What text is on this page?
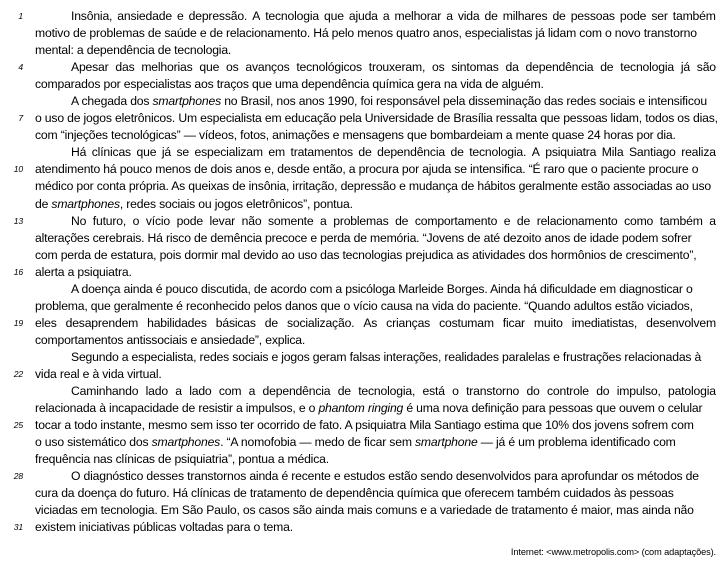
1	Insônia, ansiedade e depressão. A tecnologia que ajuda a melhorar a vida de milhares de pessoas pode ser também
motivo de problemas de saúde e de relacionamento. Há pelo menos quatro anos, especialistas já lidam com o novo transtorno
mental: a dependência de tecnologia.
4	Apesar das melhorias que os avanços tecnológicos trouxeram, os sintomas da dependência de tecnologia já são
comparados por especialistas aos traços que uma dependência química gera na vida de alguém.
A chegada dos smartphones no Brasil, nos anos 1990, foi responsável pela disseminação das redes sociais e intensificou
7 o uso de jogos eletrônicos. Um especialista em educação pela Universidade de Brasília ressalta que pessoas lidam, todos os dias,
com “injeções tecnológicas” — vídeos, fotos, animações e mensagens que bombardeiam a mente quase 24 horas por dia.
Há clínicas que já se especializam em tratamentos de dependência de tecnologia. A psiquiatra Mila Santiago realiza
10 atendimento há pouco menos de dois anos e, desde então, a procura por ajuda se intensifica. “É raro que o paciente procure o
médico por conta própria. As queixas de insônia, irritação, depressão e mudança de hábitos geralmente estão associadas ao uso
de smartphones, redes sociais ou jogos eletrônicos”, pontua.
13	No futuro, o vício pode levar não somente a problemas de comportamento e de relacionamento como também a
alterações cerebrais. Há risco de demência precoce e perda de memória. “Jovens de até dezoito anos de idade podem sofrer
com perda de estatura, pois dormir mal devido ao uso das tecnologias prejudica as atividades dos hormônios de crescimento”,
16 alerta a psiquiatra.
A doença ainda é pouco discutida, de acordo com a psicóloga Marleide Borges. Ainda há dificuldade em diagnosticar o
problema, que geralmente é reconhecido pelos danos que o vício causa na vida do paciente. “Quando adultos estão viciados,
19 eles desaprendem habilidades básicas de socialização. As crianças costumam ficar muito imediatistas, desenvolvem
comportamentos antissociais e ansiedade”, explica.
Segundo a especialista, redes sociais e jogos geram falsas interações, realidades paralelas e frustrações relacionadas à
22 vida real e à vida virtual.
Caminhando lado a lado com a dependência de tecnologia, está o transtorno do controle do impulso, patologia
relacionada à incapacidade de resistir a impulsos, e o phantom ringing é uma nova definição para pessoas que ouvem o celular
25 tocar a todo instante, mesmo sem isso ter ocorrido de fato. A psiquiatra Mila Santiago estima que 10% dos jovens sofrem com
o uso sistemático dos smartphones. “A nomofobia — medo de ficar sem smartphone — já é um problema identificado com
frequência nas clínicas de psiquiatria”, pontua a médica.
28	O diagnóstico desses transtornos ainda é recente e estudos estão sendo desenvolvidos para aprofundar os métodos de
cura da doença do futuro. Há clínicas de tratamento de dependência química que oferecem também cuidados às pessoas
viciadas em tecnologia. Em São Paulo, os casos são ainda mais comuns e a variedade de tratamento é maior, mas ainda não
31 existem iniciativas públicas voltadas para o tema.
Internet: <www.metropolis.com> (com adaptações).
